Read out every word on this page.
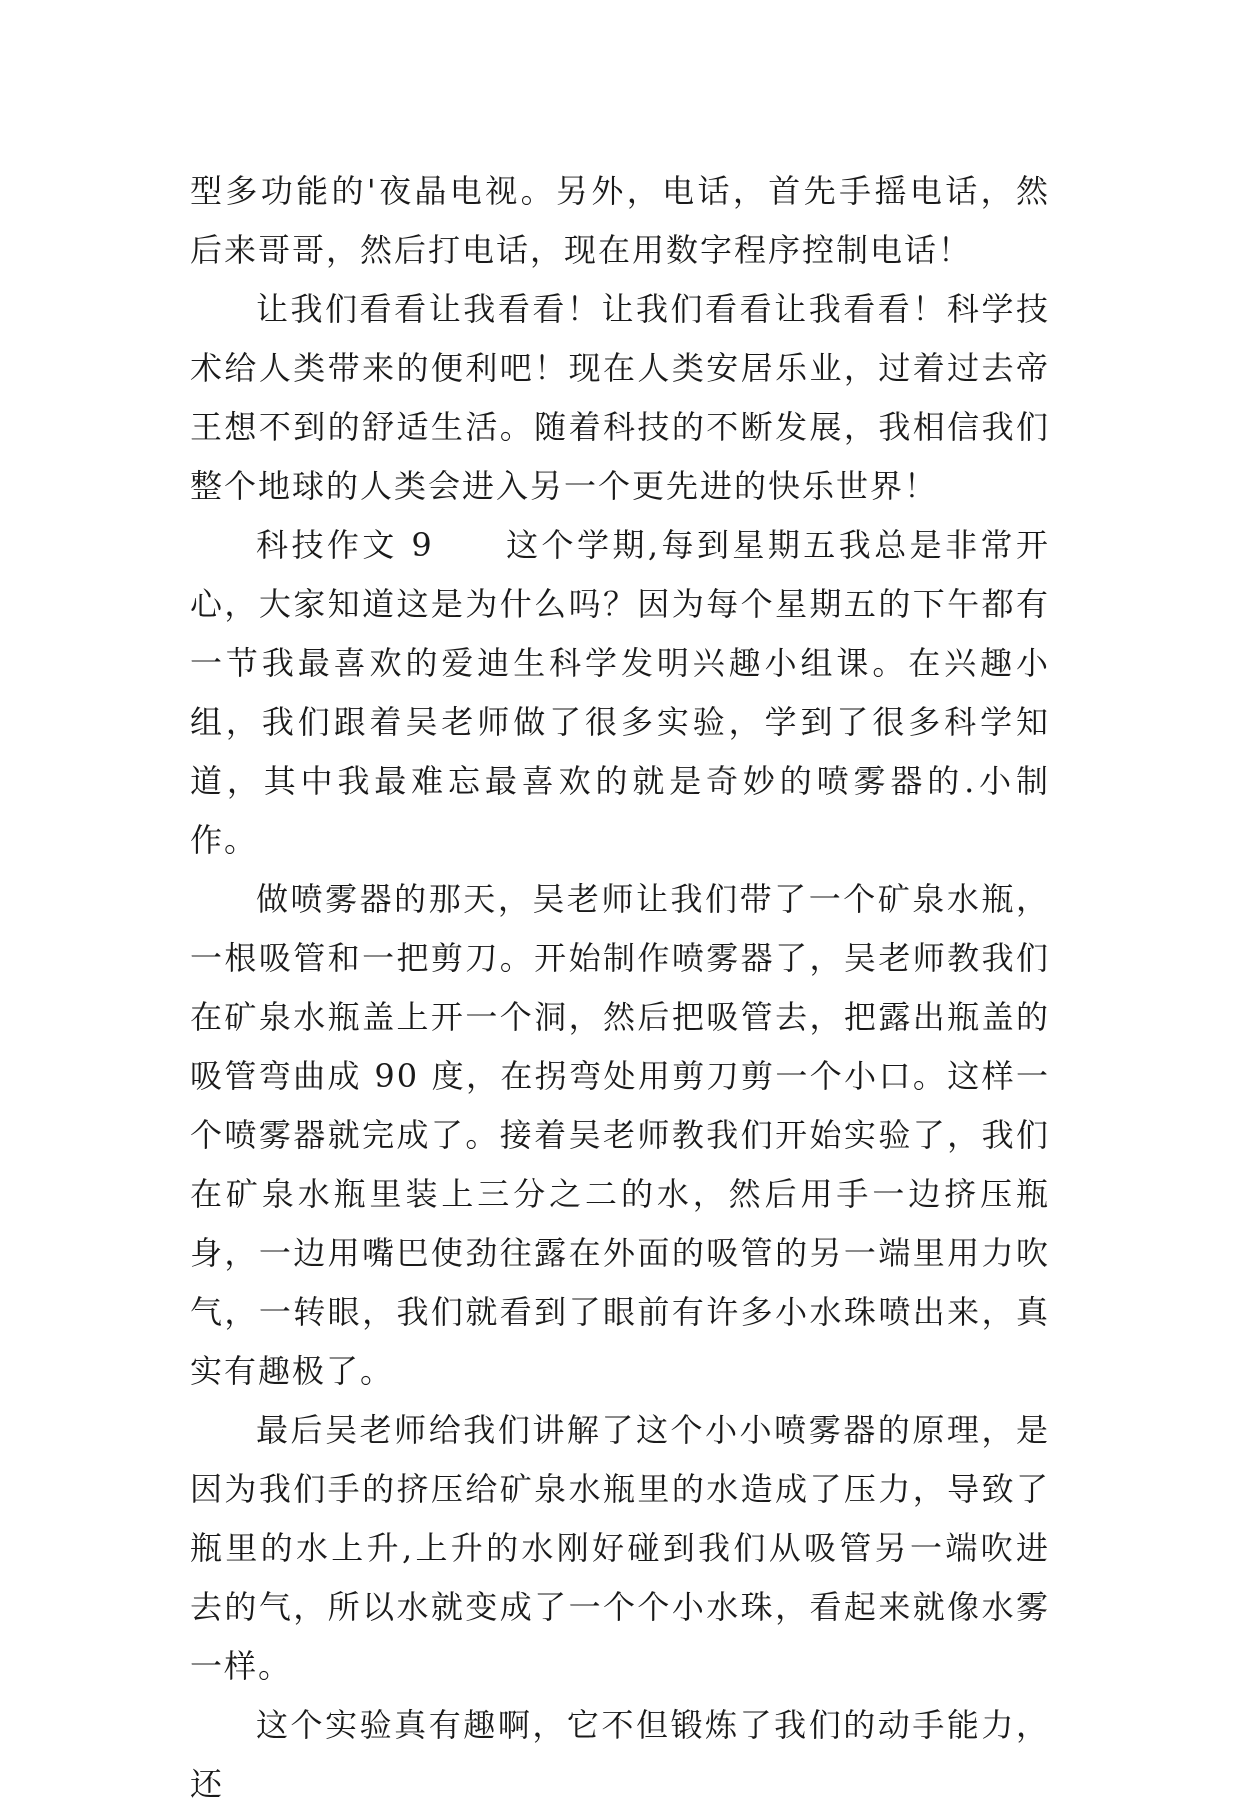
型多功能的'夜晶电视。另外，电话，首先手摇电话，然后来哥哥，然后打电话，现在用数字程序控制电话！

让我们看看让我看看！让我们看看让我看看！科学技术给人类带来的便利吧！现在人类安居乐业，过着过去帝王想不到的舒适生活。随着科技的不断发展，我相信我们整个地球的人类会进入另一个更先进的快乐世界！

科技作文 9　　这个学期,每到星期五我总是非常开心，大家知道这是为什么吗？因为每个星期五的下午都有一节我最喜欢的爱迪生科学发明兴趣小组课。在兴趣小组，我们跟着吴老师做了很多实验，学到了很多科学知道，其中我最难忘最喜欢的就是奇妙的喷雾器的.小制作。

做喷雾器的那天，吴老师让我们带了一个矿泉水瓶，一根吸管和一把剪刀。开始制作喷雾器了，吴老师教我们在矿泉水瓶盖上开一个洞，然后把吸管去，把露出瓶盖的吸管弯曲成 90 度，在拐弯处用剪刀剪一个小口。这样一个喷雾器就完成了。接着吴老师教我们开始实验了，我们在矿泉水瓶里装上三分之二的水，然后用手一边挤压瓶身，一边用嘴巴使劲往露在外面的吸管的另一端里用力吹气，一转眼，我们就看到了眼前有许多小水珠喷出来，真实有趣极了。

最后吴老师给我们讲解了这个小小喷雾器的原理，是因为我们手的挤压给矿泉水瓶里的水造成了压力，导致了瓶里的水上升,上升的水刚好碰到我们从吸管另一端吹进去的气，所以水就变成了一个个小水珠，看起来就像水雾一样。

这个实验真有趣啊，它不但锻炼了我们的动手能力，还
